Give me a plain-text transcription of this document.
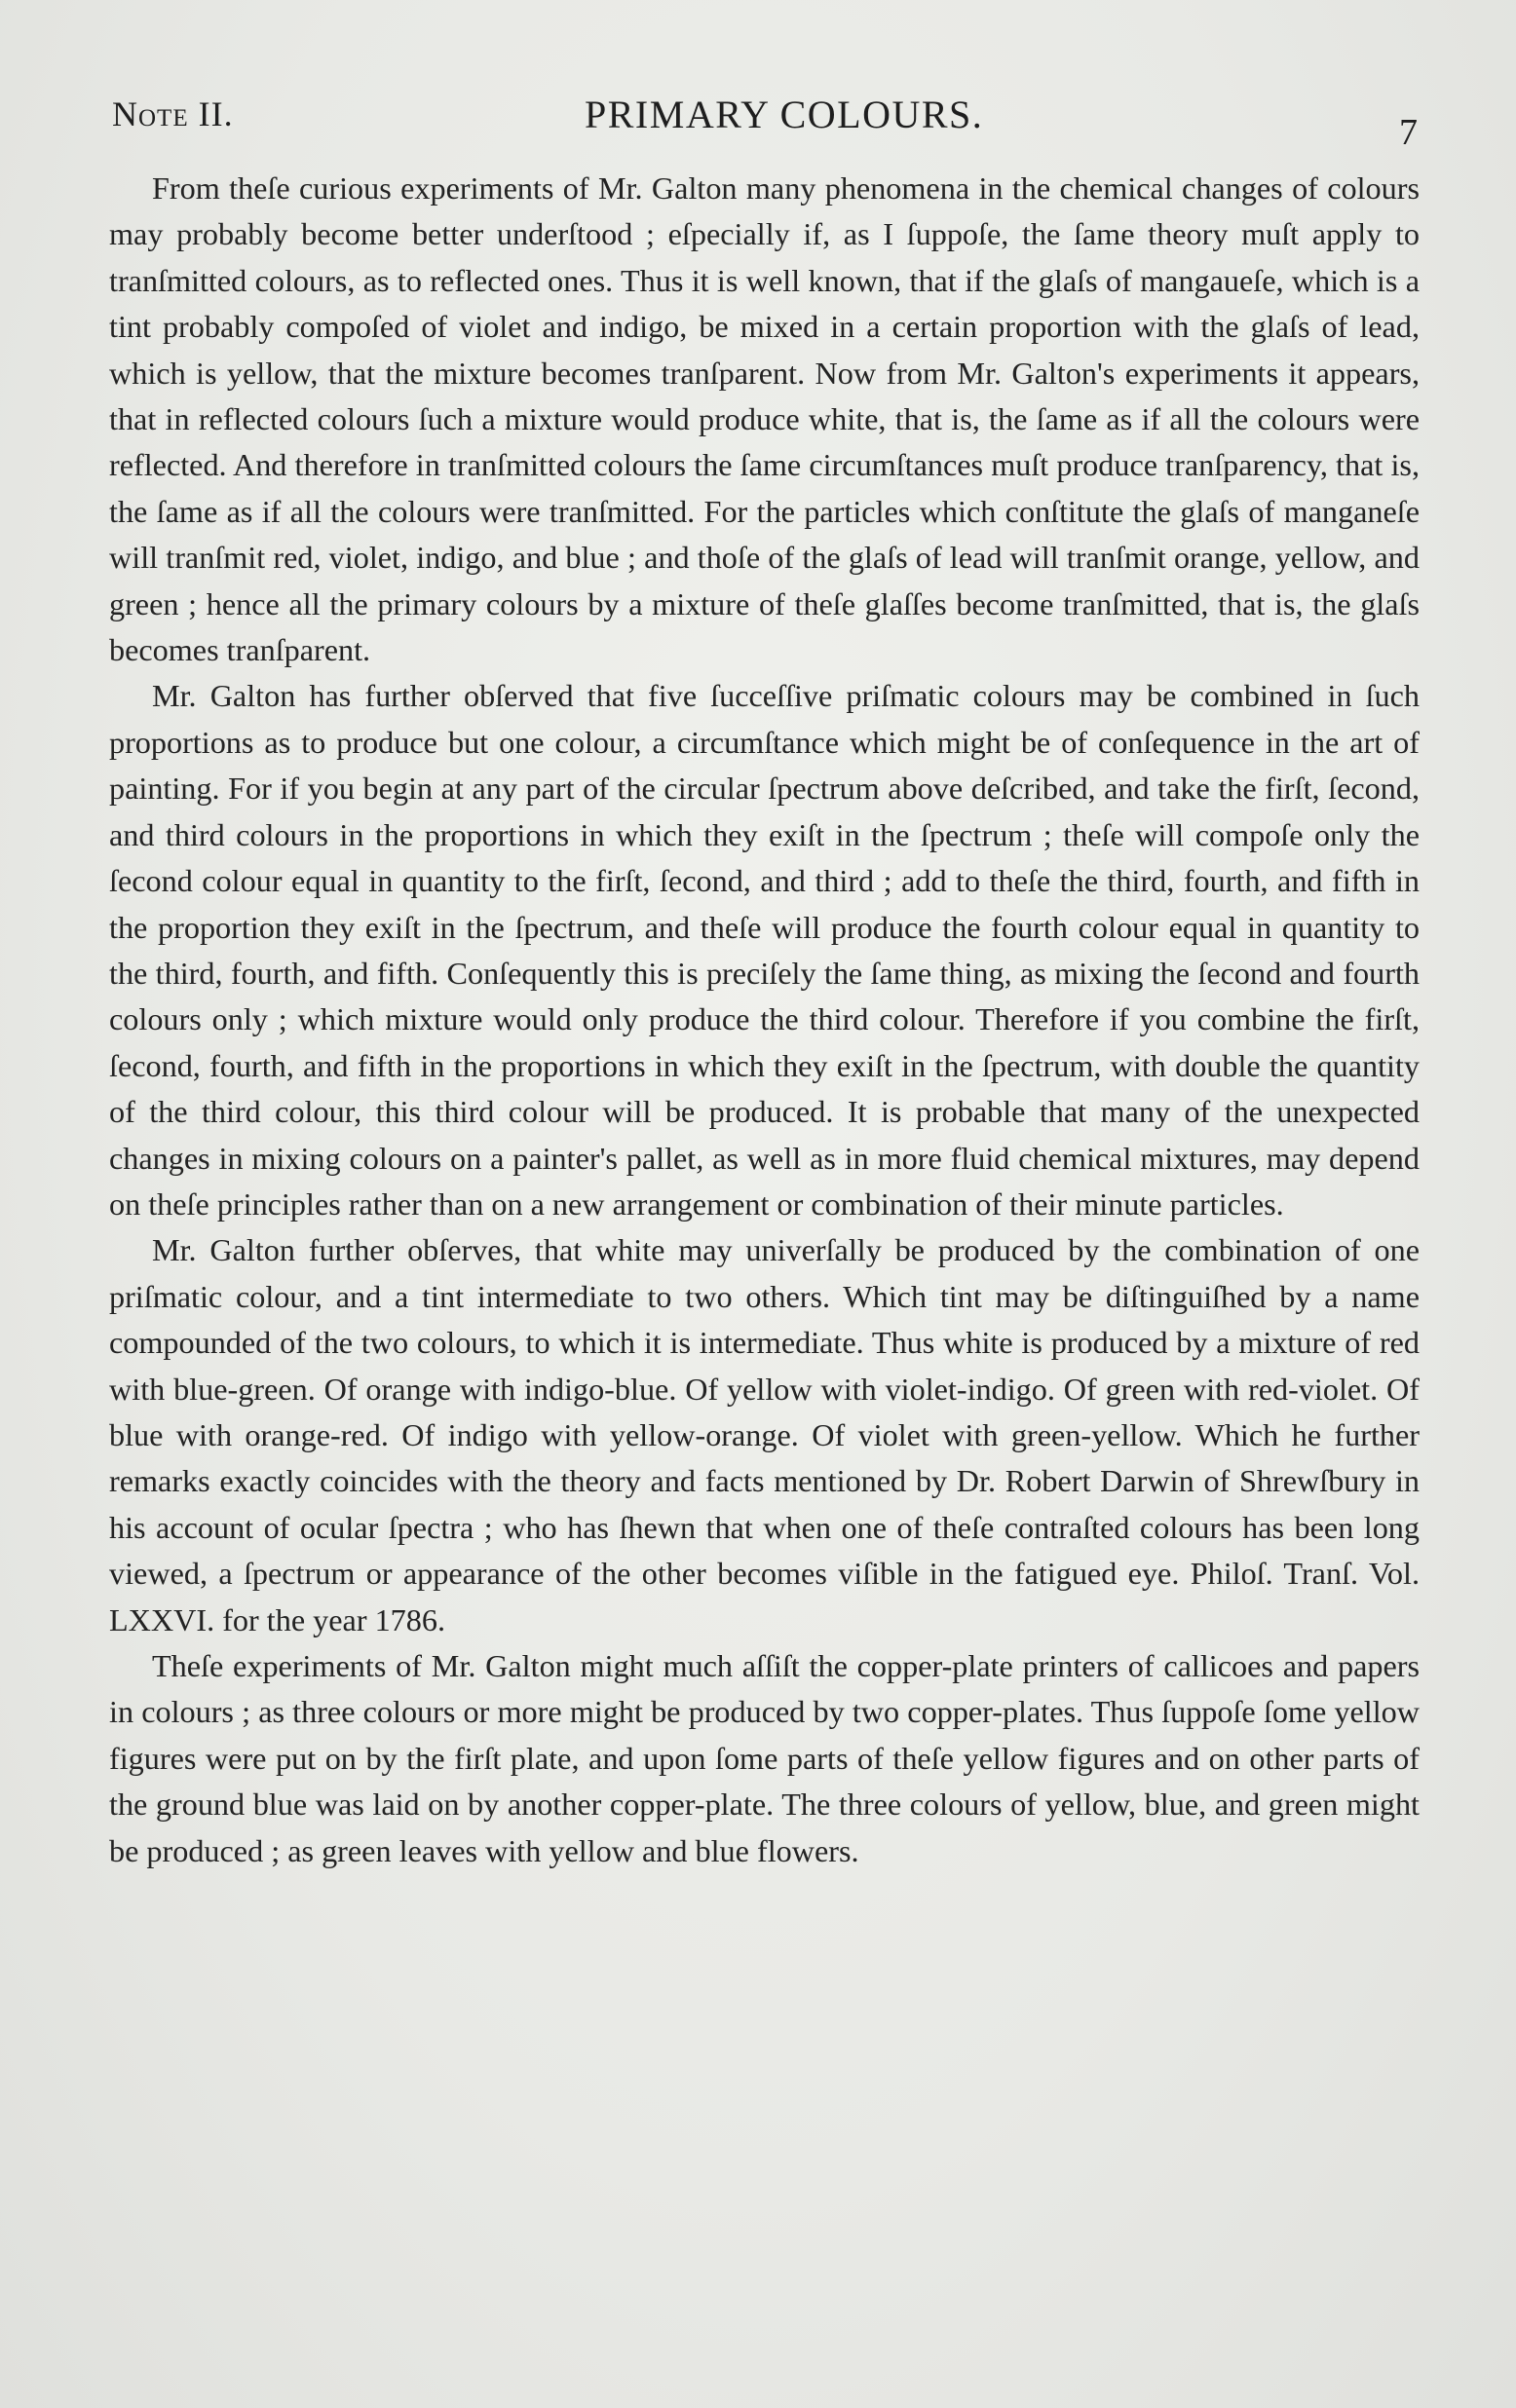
Note II.	PRIMARY COLOURS.	7

From theſe curious experiments of Mr. Galton many phenomena in the chemical changes of colours may probably become better underſtood ; eſpecially if, as I ſuppoſe, the ſame theory muſt apply to tranſmitted colours, as to reflected ones. Thus it is well known, that if the glaſs of mangaueſe, which is a tint probably compoſed of violet and indigo, be mixed in a certain proportion with the glaſs of lead, which is yellow, that the mixture becomes tranſparent. Now from Mr. Galton's experiments it appears, that in reflected colours ſuch a mixture would produce white, that is, the ſame as if all the colours were reflected. And therefore in tranſmitted colours the ſame circumſtances muſt produce tranſparency, that is, the ſame as if all the colours were tranſmitted. For the particles which conſtitute the glaſs of manganeſe will tranſmit red, violet, indigo, and blue ; and thoſe of the glaſs of lead will tranſmit orange, yellow, and green ; hence all the primary colours by a mixture of theſe glaſſes become tranſmitted, that is, the glaſs becomes tranſparent.

Mr. Galton has further obſerved that five ſucceſſive priſmatic colours may be combined in ſuch proportions as to produce but one colour, a circumſtance which might be of conſequence in the art of painting. For if you begin at any part of the circular ſpectrum above deſcribed, and take the firſt, ſecond, and third colours in the proportions in which they exiſt in the ſpectrum ; theſe will compoſe only the ſecond colour equal in quantity to the firſt, ſecond, and third ; add to theſe the third, fourth, and fifth in the proportion they exiſt in the ſpectrum, and theſe will produce the fourth colour equal in quantity to the third, fourth, and fifth. Conſequently this is preciſely the ſame thing, as mixing the ſecond and fourth colours only ; which mixture would only produce the third colour. Therefore if you combine the firſt, ſecond, fourth, and fifth in the proportions in which they exiſt in the ſpectrum, with double the quantity of the third colour, this third colour will be produced. It is probable that many of the unexpected changes in mixing colours on a painter's pallet, as well as in more fluid chemical mixtures, may depend on theſe principles rather than on a new arrangement or combination of their minute particles.

Mr. Galton further obſerves, that white may univerſally be produced by the combination of one priſmatic colour, and a tint intermediate to two others. Which tint may be diſtinguiſhed by a name compounded of the two colours, to which it is intermediate. Thus white is produced by a mixture of red with blue-green. Of orange with indigo-blue. Of yellow with violet-indigo. Of green with red-violet. Of blue with orange-red. Of indigo with yellow-orange. Of violet with green-yellow. Which he further remarks exactly coincides with the theory and facts mentioned by Dr. Robert Darwin of Shrewſbury in his account of ocular ſpectra ; who has ſhewn that when one of theſe contraſted colours has been long viewed, a ſpectrum or appearance of the other becomes viſible in the fatigued eye. Philoſ. Tranſ. Vol. LXXVI. for the year 1786.

Theſe experiments of Mr. Galton might much aſſiſt the copper-plate printers of callicoes and papers in colours ; as three colours or more might be produced by two copper-plates. Thus ſuppoſe ſome yellow figures were put on by the firſt plate, and upon ſome parts of theſe yellow figures and on other parts of the ground blue was laid on by another copper-plate. The three colours of yellow, blue, and green might be produced ; as green leaves with yellow and blue flowers.
